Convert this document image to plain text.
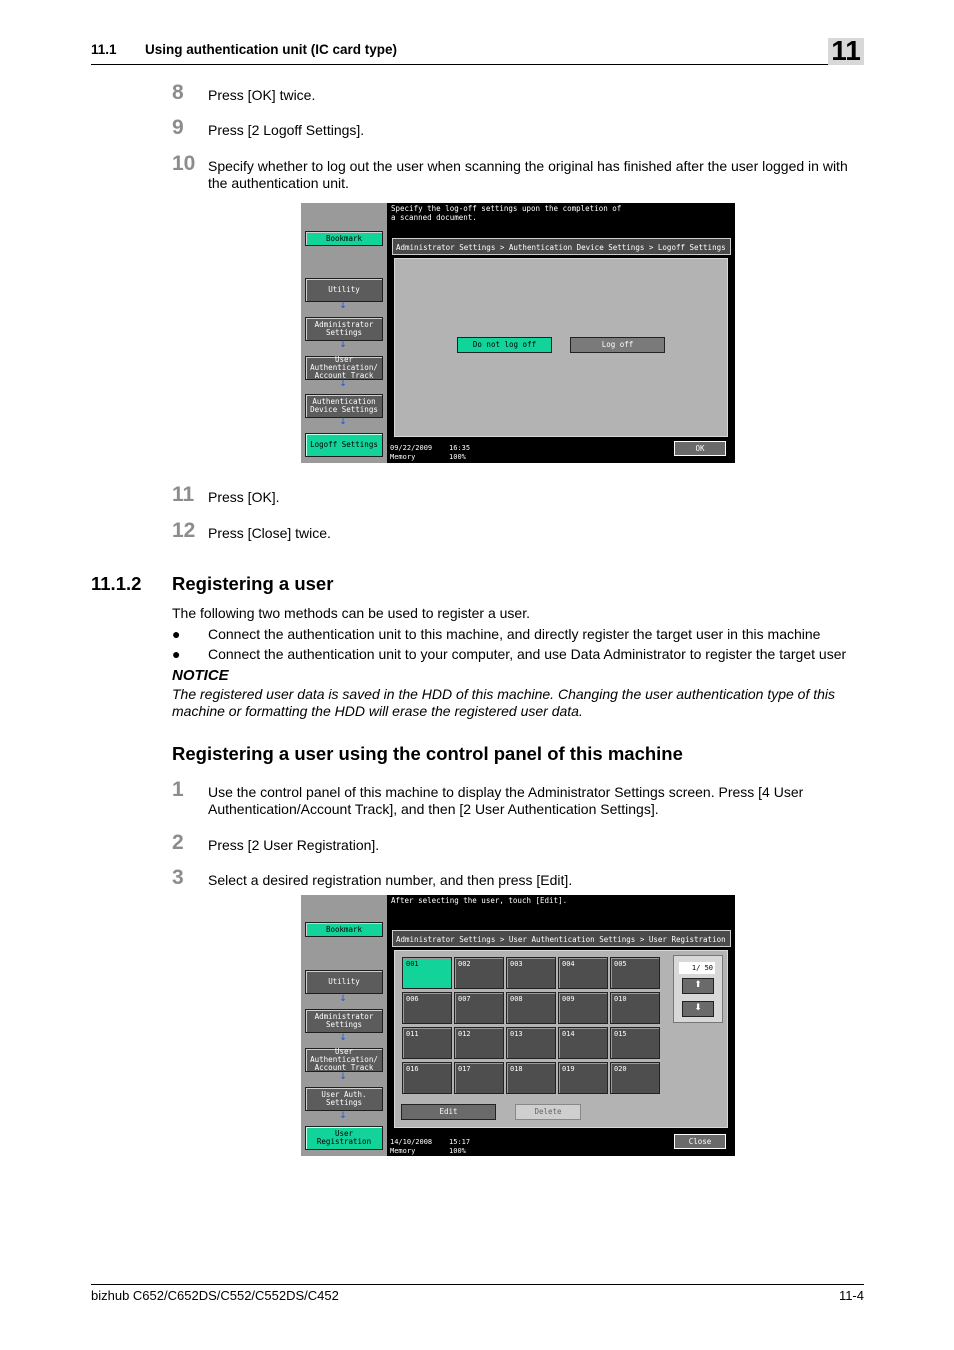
11.1 Using authentication unit (IC card type)	11
8 Press [OK] twice.
9 Press [2 Logoff Settings].
10 Specify whether to log out the user when scanning the original has finished after the user logged in with the authentication unit.
Bookmark
Utility
↓
Administrator Settings
↓
User Authentication/ Account Track
↓
Authentication Device Settings
↓
Logoff Settings
Specify the log-off settings upon the completion of
a scanned document.
Administrator Settings > Authentication Device Settings > Logoff Settings
Do not log off	Log off
09/22/2009 16:35
Memory	100%
OK
11 Press [OK].
12 Press [Close] twice.
11.1.2 Registering a user
The following two methods can be used to register a user.
● Connect the authentication unit to this machine, and directly register the target user in this machine
● Connect the authentication unit to your computer, and use Data Administrator to register the target user
NOTICE
The registered user data is saved in the HDD of this machine. Changing the user authentication type of this machine or formatting the HDD will erase the registered user data.
Registering a user using the control panel of this machine
1 Use the control panel of this machine to display the Administrator Settings screen. Press [4 User Authentication/Account Track], and then [2 User Authentication Settings].
2 Press [2 User Registration].
3 Select a desired registration number, and then press [Edit].
Bookmark
Utility
↓
Administrator Settings
↓
User Authentication/ Account Track
↓
User Auth. Settings
↓
User Registration
After selecting the user, touch [Edit].
Administrator Settings > User Authentication Settings > User Registration
001	002	003	004	005
006	007	008	009	010
011	012	013	014	015
016	017	018	019	020
1/ 50
⬆
⬇
Edit	Delete
14/10/2008 15:17
Memory	100%
Close
bizhub C652/C652DS/C552/C552DS/C452	11-4
